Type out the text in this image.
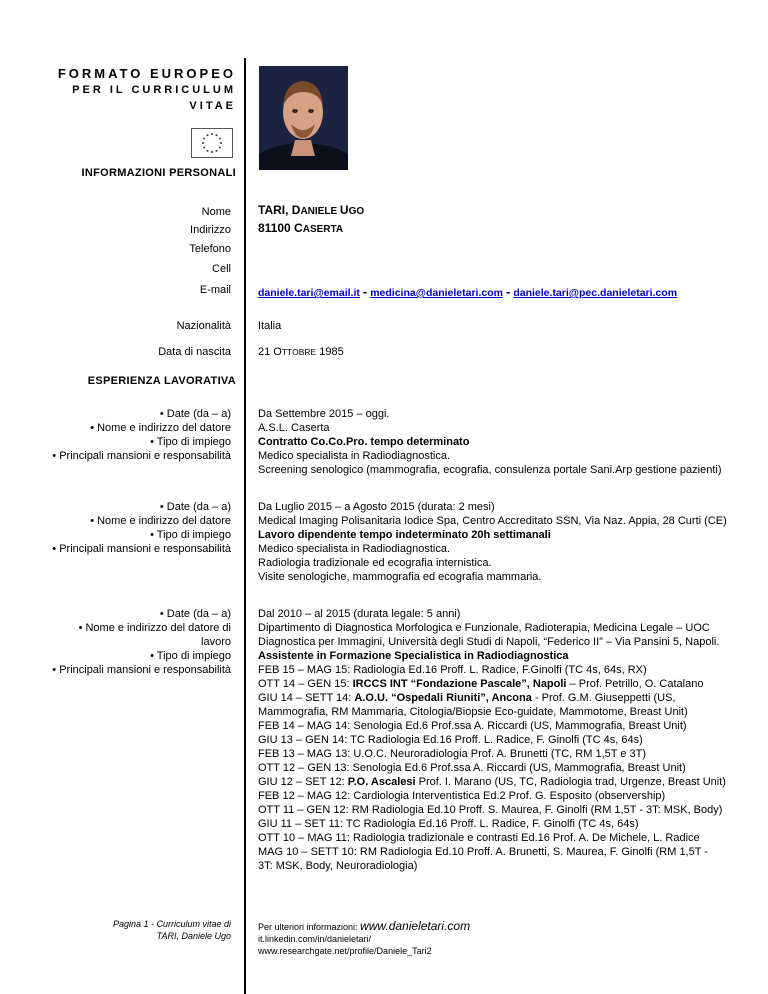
FORMATO EUROPEO
PER IL CURRICULUM
VITAE
INFORMAZIONI PERSONALI
Nome TARI, DANIELE UGO
Indirizzo 81100 CASERTA
Telefono
Cell
E-mail	daniele.tari@email.it - medicina@danieletari.com - daniele.tari@pec.danieletari.com
Nazionalità Italia
Data di nascita 21 OTTOBRE 1985
ESPERIENZA LAVORATIVA
• Date (da – a)
• Nome e indirizzo del datore
• Tipo di impiego
• Principali mansioni e responsabilità
Da Settembre 2015 – oggi.
A.S.L. Caserta
Contratto Co.Co.Pro. tempo determinato
Medico specialista in Radiodiagnostica.
Screening senologico (mammografia, ecografia, consulenza portale Sani.Arp gestione pazienti)
• Date (da – a)
• Nome e indirizzo del datore
• Tipo di impiego
• Principali mansioni e responsabilità
Da Luglio 2015 – a Agosto 2015 (durata: 2 mesi)
Medical Imaging Polisanitaria Iodice Spa, Centro Accreditato SSN, Via Naz. Appia, 28 Curti (CE)
Lavoro dipendente tempo indeterminato 20h settimanali
Medico specialista in Radiodiagnostica.
Radiologia tradizionale ed ecografia internistica.
Visite senologiche, mammografia ed ecografia mammaria.
• Date (da – a)
• Nome e indirizzo del datore di
lavoro
• Tipo di impiego
• Principali mansioni e responsabilità
Dal 2010 – al 2015 (durata legale: 5 anni)
Dipartimento di Diagnostica Morfologica e Funzionale, Radioterapia, Medicina Legale – UOC
Diagnostica per Immagini, Università degli Studi di Napoli, “Federico II” – Via Pansini 5, Napoli.
Assistente in Formazione Specialistica in Radiodiagnostica
FEB 15 – MAG 15: Radiologia Ed.16 Proff. L. Radice, F.Ginolfi (TC 4s, 64s, RX)
OTT 14 – GEN 15: IRCCS INT “Fondazione Pascale”, Napoli – Prof. Petrillo, O. Catalano
GIU 14 – SETT 14: A.O.U. “Ospedali Riuniti”, Ancona - Prof. G.M. Giuseppetti (US,
Mammografia, RM Mammaria, Citologia/Biopsie Eco-guidate, Mammotome, Breast Unit)
FEB 14 – MAG 14: Senologia Ed.6 Prof.ssa A. Riccardi (US, Mammografia, Breast Unit)
GIU 13 – GEN 14: TC Radiologia Ed.16 Proff. L. Radice, F. Ginolfi (TC 4s, 64s)
FEB 13 – MAG 13: U.O.C. Neuroradiologia Prof. A. Brunetti (TC, RM 1,5T e 3T)
OTT 12 – GEN 13: Senologia Ed.6 Prof.ssa A. Riccardi (US, Mammografia, Breast Unit)
GIU 12 – SET 12: P.O. Ascalesi Prof. I. Marano (US, TC, Radiologia trad, Urgenze, Breast Unit)
FEB 12 – MAG 12: Cardiologia Interventistica Ed.2 Prof. G. Esposito (observership)
OTT 11 – GEN 12: RM Radiologia Ed.10 Proff. S. Maurea, F. Ginolfi (RM 1,5T - 3T: MSK, Body)
GIU 11 – SET 11: TC Radiologia Ed.16 Proff. L. Radice, F. Ginolfi (TC 4s, 64s)
OTT 10 – MAG 11: Radiologia tradizionale e contrasti Ed.16 Prof. A. De Michele, L. Radice
MAG 10 – SETT 10: RM Radiologia Ed.10 Proff. A. Brunetti, S. Maurea, F. Ginolfi (RM 1,5T -
3T: MSK, Body, Neuroradiologia)
Pagina 1 - Curriculum vitae di
TARI, Daniele Ugo
Per ulteriori informazioni: www.danieletari.com
it.linkedin.com/in/danieletari/
www.researchgate.net/profile/Daniele_Tari2
